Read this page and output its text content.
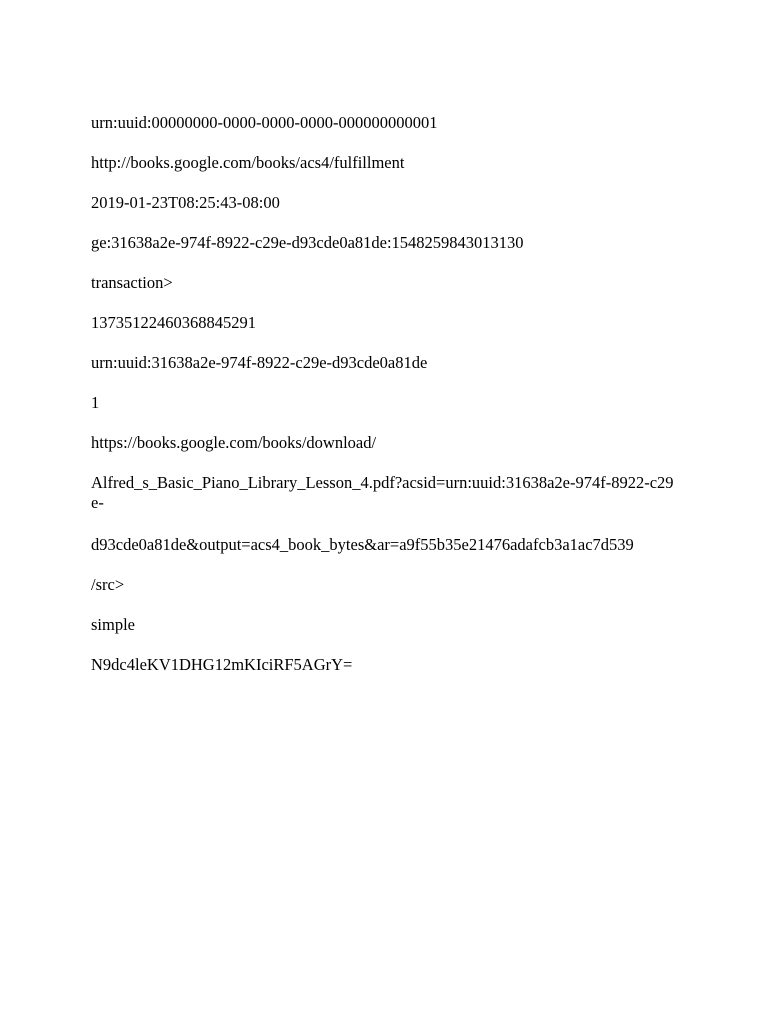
urn:uuid:00000000-0000-0000-0000-000000000001
http://books.google.com/books/acs4/fulfillment
2019-01-23T08:25:43-08:00
ge:31638a2e-974f-8922-c29e-d93cde0a81de:1548259843013130
transaction>
13735122460368845291
urn:uuid:31638a2e-974f-8922-c29e-d93cde0a81de
1
https://books.google.com/books/download/
Alfred_s_Basic_Piano_Library_Lesson_4.pdf?acsid=urn:uuid:31638a2e-974f-8922-c29e-
d93cde0a81de&output=acs4_book_bytes&ar=a9f55b35e21476adafcb3a1ac7d539
/src>
simple
N9dc4leKV1DHG12mKIciRF5AGrY=
